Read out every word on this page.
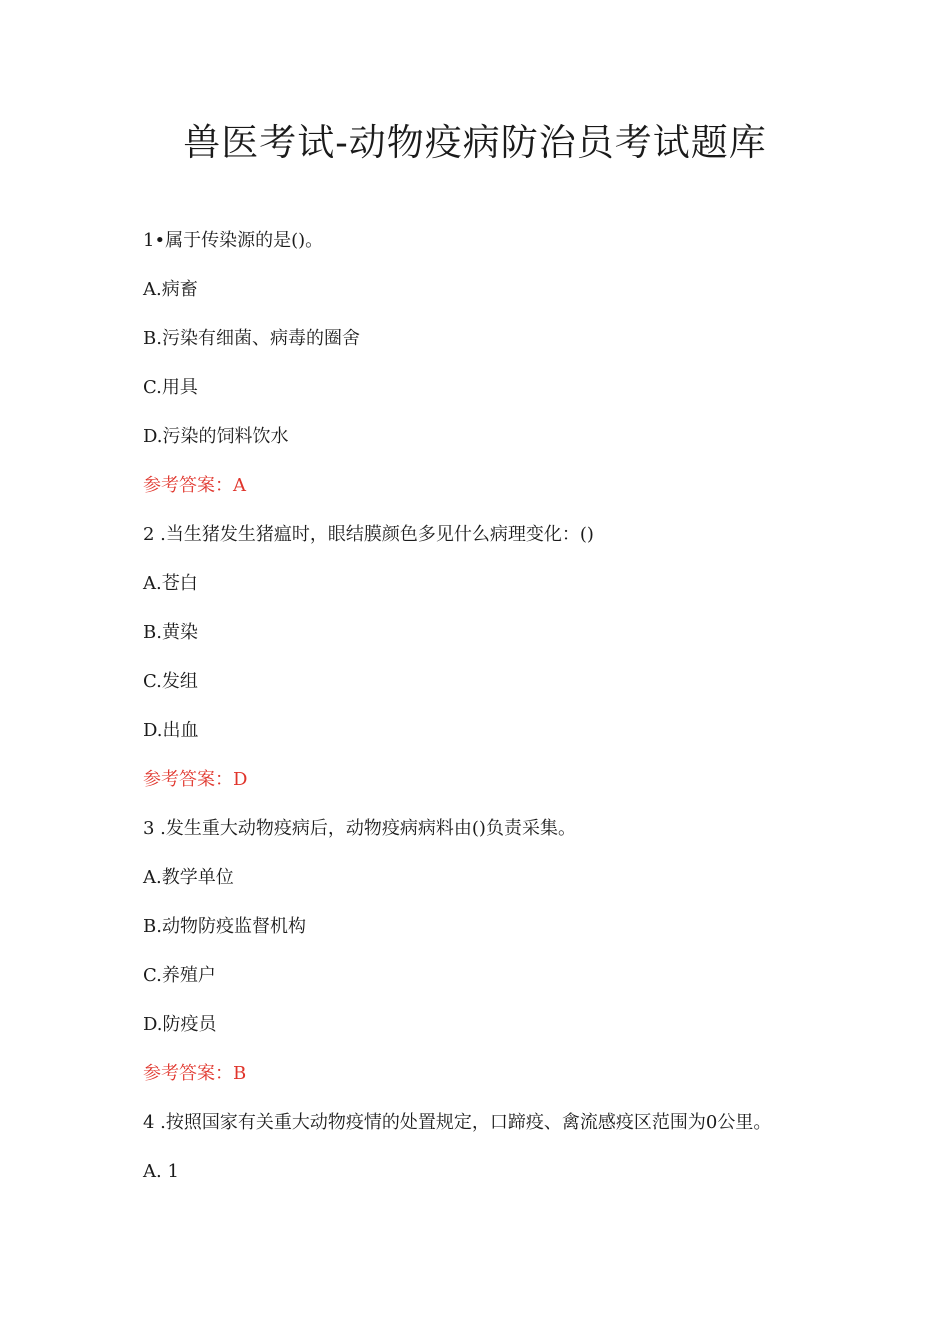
兽医考试-动物疫病防治员考试题库
1•属于传染源的是()。
A.病畜
B.污染有细菌、病毒的圈舍
C.用具
D.污染的饲料饮水
参考答案：A
2 .当生猪发生猪瘟时，眼结膜颜色多见什么病理变化：()
A.苍白
B.黄染
C.发组
D.出血
参考答案：D
3 .发生重大动物疫病后，动物疫病病料由()负责采集。
A.教学单位
B.动物防疫监督机构
C.养殖户
D.防疫员
参考答案：B
4 .按照国家有关重大动物疫情的处置规定，口蹄疫、禽流感疫区范围为0公里。
A. 1
